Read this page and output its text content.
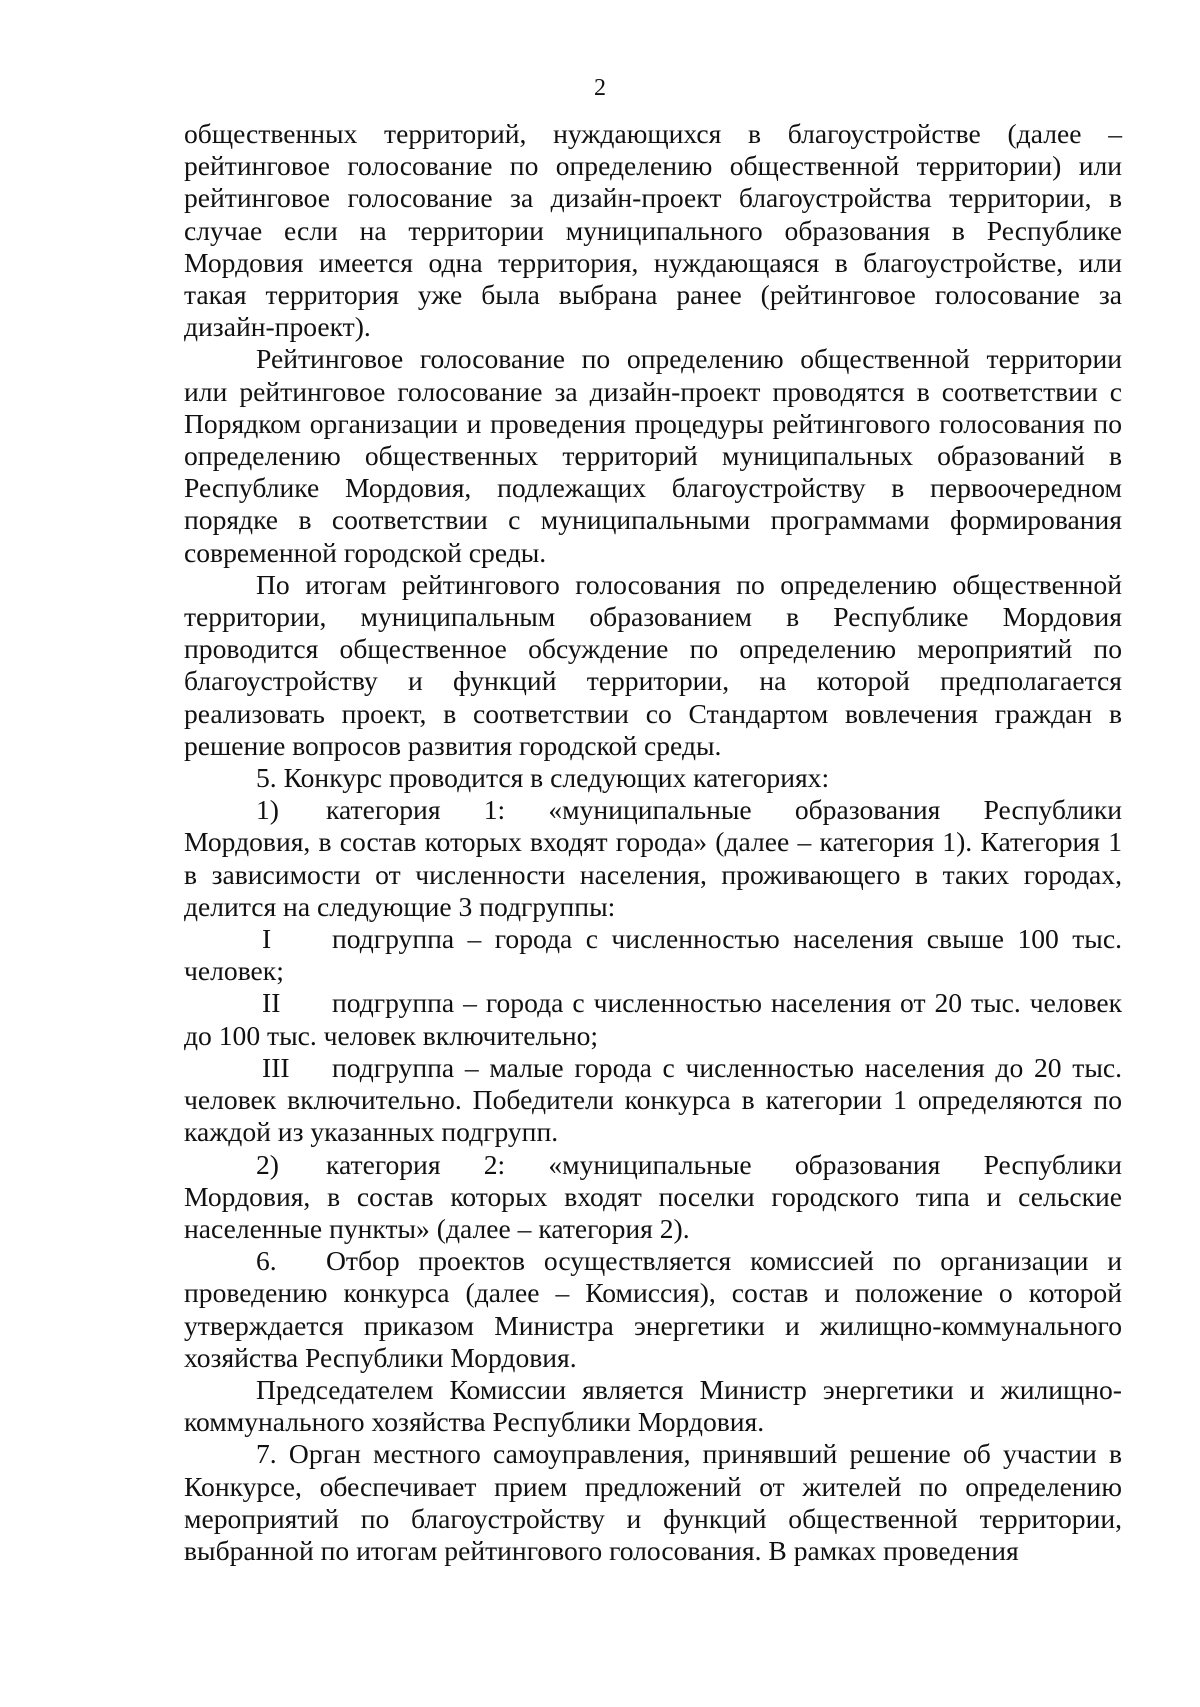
2

общественных территорий, нуждающихся в благоустройстве (далее – рейтинговое голосование по определению общественной территории) или рейтинговое голосование за дизайн-проект благоустройства территории, в случае если на территории муниципального образования в Республике Мордовия имеется одна территория, нуждающаяся в благоустройстве, или такая территория уже была выбрана ранее (рейтинговое голосование за дизайн-проект).

Рейтинговое голосование по определению общественной территории или рейтинговое голосование за дизайн-проект проводятся в соответствии с Порядком организации и проведения процедуры рейтингового голосования по определению общественных территорий муниципальных образований в Республике Мордовия, подлежащих благоустройству в первоочередном порядке в соответствии с муниципальными программами формирования современной городской среды.

По итогам рейтингового голосования по определению общественной территории, муниципальным образованием в Республике Мордовия проводится общественное обсуждение по определению мероприятий по благоустройству и функций территории, на которой предполагается реализовать проект, в соответствии со Стандартом вовлечения граждан в решение вопросов развития городской среды.

5. Конкурс проводится в следующих категориях:

1)	категория 1: «муниципальные образования Республики

Мордовия, в состав которых входят города» (далее – категория 1). Категория 1 в зависимости от численности населения, проживающего в таких городах, делится на следующие 3 подгруппы:

I	подгруппа – города с численностью населения свыше 100 тыс.

человек;

II	подгруппа – города с численностью населения от 20 тыс. человек

до 100 тыс. человек включительно;

III	подгруппа – малые города с численностью населения до 20 тыс.

человек включительно. Победители конкурса в категории 1 определяются по каждой из указанных подгрупп.

2)	категория 2: «муниципальные образования Республики

Мордовия, в состав которых входят поселки городского типа и сельские населенные пункты» (далее – категория 2).

6.	Отбор проектов осуществляется комиссией по организации и

проведению конкурса (далее – Комиссия), состав и положение о которой утверждается приказом Министра энергетики и жилищно-коммунального хозяйства Республики Мордовия.

Председателем Комиссии является Министр энергетики и жилищно-коммунального хозяйства Республики Мордовия.

7. Орган местного самоуправления, принявший решение об участии в Конкурсе, обеспечивает прием предложений от жителей по определению мероприятий по благоустройству и функций общественной территории, выбранной по итогам рейтингового голосования. В рамках проведения
